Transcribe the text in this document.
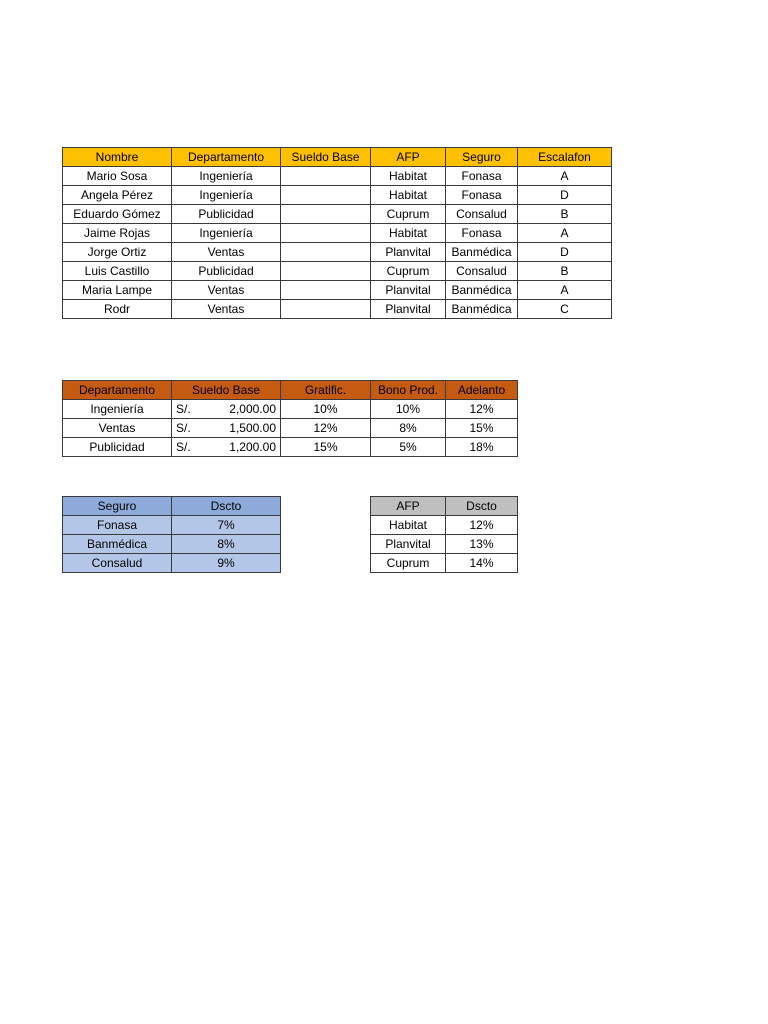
Nombre	Departamento	Sueldo Base	AFP	Seguro	Escalafon
Mario Sosa	Ingeniería		Habitat	Fonasa	A
Angela Pérez	Ingeniería		Habitat	Fonasa	D
Eduardo Gómez	Publicidad		Cuprum	Consalud	B
Jaime Rojas	Ingeniería		Habitat	Fonasa	A
Jorge Ortiz	Ventas		Planvital	Banmédica	D
Luis Castillo	Publicidad		Cuprum	Consalud	B
Maria Lampe	Ventas		Planvital	Banmédica	A
Rodr	Ventas		Planvital	Banmédica	C
Departamento	Sueldo Base	Gratific.	Bono Prod.	Adelanto
Ingeniería	S/. 2,000.00	10%	10%	12%
Ventas	S/. 1,500.00	12%	8%	15%
Publicidad	S/. 1,200.00	15%	5%	18%
Seguro	Dscto
Fonasa	7%
Banmédica	8%
Consalud	9%
AFP	Dscto
Habitat	12%
Planvital	13%
Cuprum	14%
